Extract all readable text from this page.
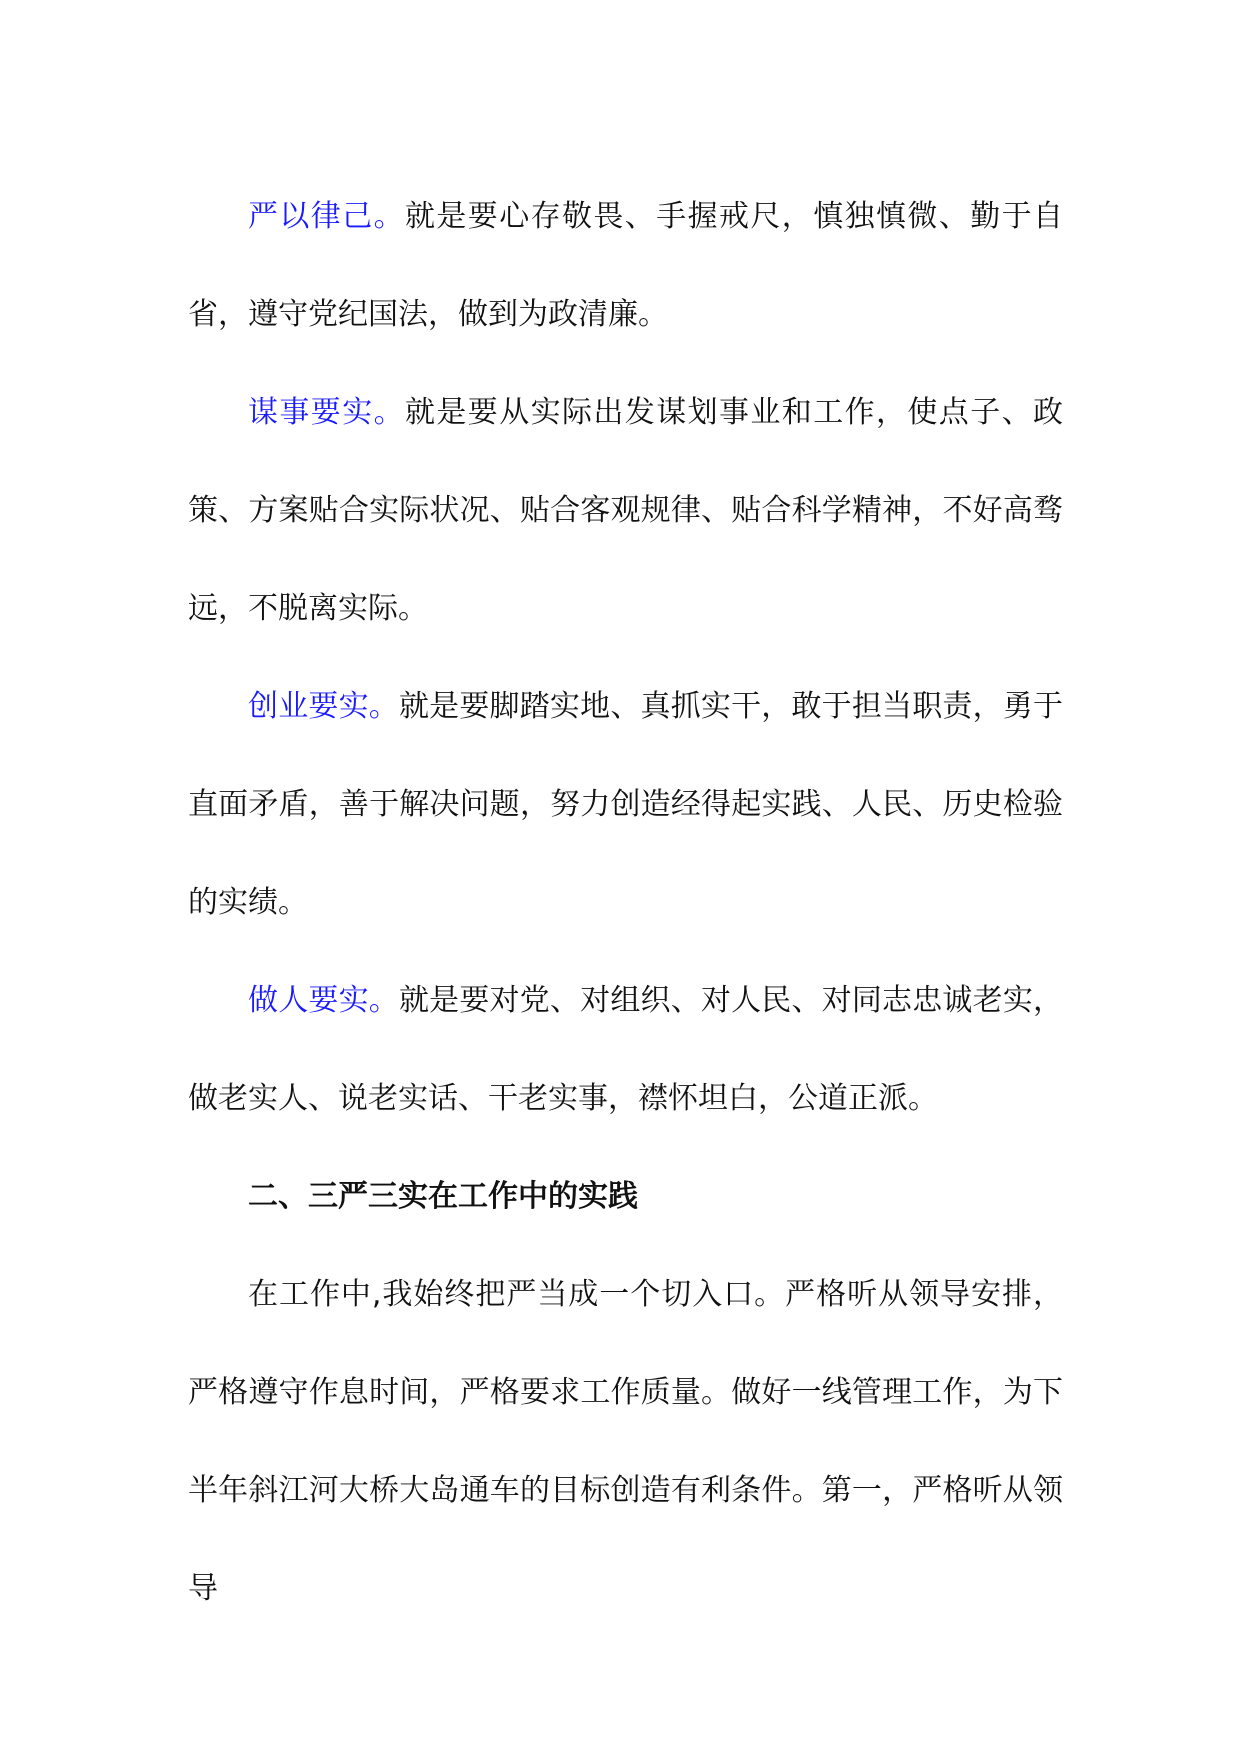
严以律己。就是要心存敬畏、手握戒尺，慎独慎微、勤于自省，遵守党纪国法，做到为政清廉。

谋事要实。就是要从实际出发谋划事业和工作，使点子、政策、方案贴合实际状况、贴合客观规律、贴合科学精神，不好高骛远，不脱离实际。

创业要实。就是要脚踏实地、真抓实干，敢于担当职责，勇于直面矛盾，善于解决问题，努力创造经得起实践、人民、历史检验的实绩。

做人要实。就是要对党、对组织、对人民、对同志忠诚老实，做老实人、说老实话、干老实事，襟怀坦白，公道正派。

二、三严三实在工作中的实践

在工作中,我始终把严当成一个切入口。严格听从领导安排，严格遵守作息时间，严格要求工作质量。做好一线管理工作，为下半年斜江河大桥大岛通车的目标创造有利条件。第一，严格听从领导
